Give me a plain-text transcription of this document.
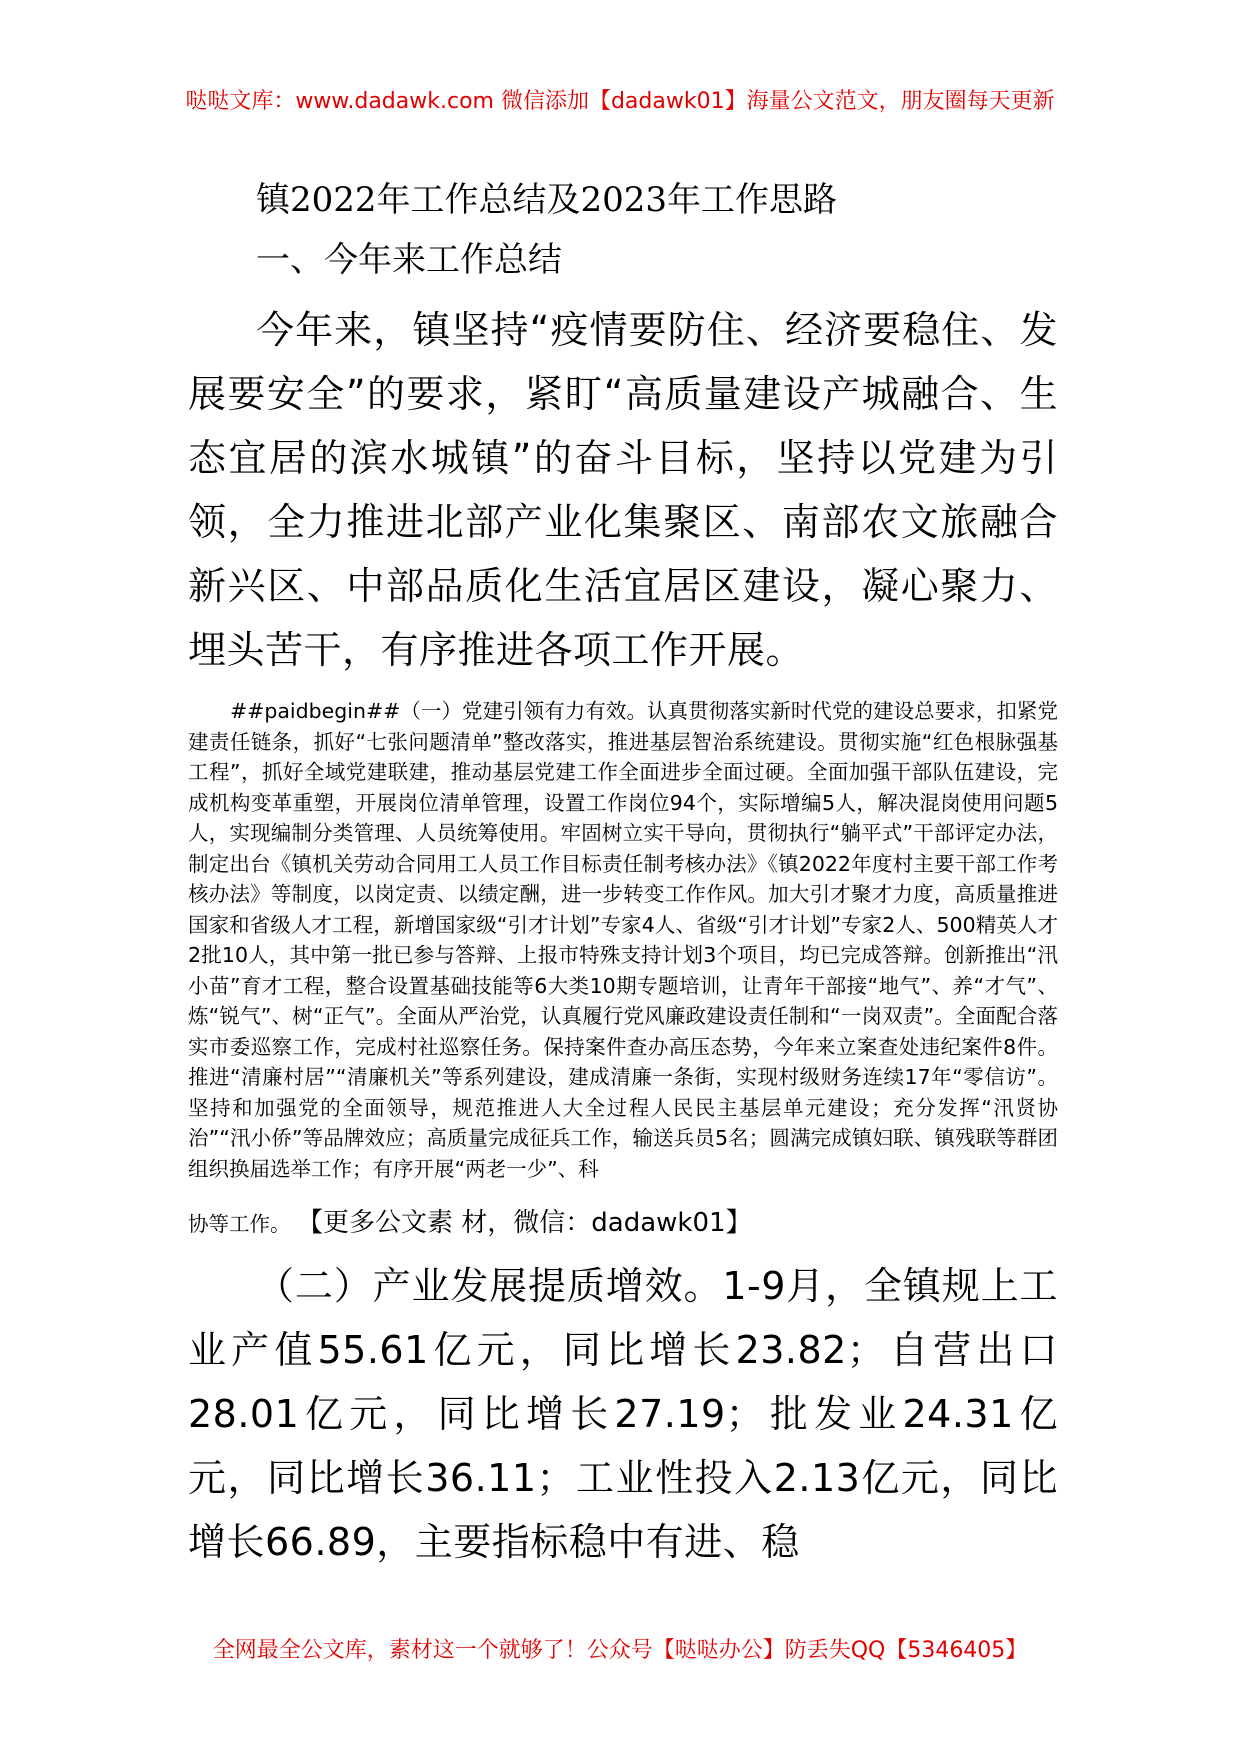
哒哒文库：www.dadawk.com 微信添加【dadawk01】海量公文范文，朋友圈每天更新
镇2022年工作总结及2023年工作思路
一、今年来工作总结

今年来，镇坚持“疫情要防住、经济要稳住、发展要安全”的要求，紧盯“高质量建设产城融合、生态宜居的滨水城镇”的奋斗目标，坚持以党建为引领，全力推进北部产业化集聚区、南部农文旅融合新兴区、中部品质化生活宜居区建设，凝心聚力、埋头苦干，有序推进各项工作开展。

##paidbegin##（一）党建引领有力有效。认真贯彻落实新时代党的建设总要求，扣紧党建责任链条，抓好“七张问题清单”整改落实，推进基层智治系统建设。贯彻实施“红色根脉强基工程”，抓好全域党建联建，推动基层党建工作全面进步全面过硬。全面加强干部队伍建设，完成机构变革重塑，开展岗位清单管理，设置工作岗位94个，实际增编5人，解决混岗使用问题5人，实现编制分类管理、人员统筹使用。牢固树立实干导向，贯彻执行“躺平式”干部评定办法，制定出台《镇机关劳动合同用工人员工作目标责任制考核办法》《镇2022年度村主要干部工作考核办法》等制度，以岗定责、以绩定酬，进一步转变工作作风。加大引才聚才力度，高质量推进国家和省级人才工程，新增国家级“引才计划”专家4人、省级“引才计划”专家2人、500精英人才2批10人，其中第一批已参与答辩、上报市特殊支持计划3个项目，均已完成答辩。创新推出“汛小苗”育才工程，整合设置基础技能等6大类10期专题培训，让青年干部接“地气”、养“才气”、炼“锐气”、树“正气”。全面从严治党，认真履行党风廉政建设责任制和“一岗双责”。全面配合落实市委巡察工作，完成村社巡察任务。保持案件查办高压态势，今年来立案查处违纪案件8件。推进“清廉村居”“清廉机关”等系列建设，建成清廉一条街，实现村级财务连续17年“零信访”。 坚持和加强党的全面领导，规范推进人大全过程人民民主基层单元建设；充分发挥“汛贤协治”“汛小侨”等品牌效应；高质量完成征兵工作，输送兵员5名；圆满完成镇妇联、镇残联等群团组织换届选举工作；有序开展“两老一少”、科

协等工作。 【更多公文素 材，微信：dadawk01】

（二）产业发展提质增效。1-9月，全镇规上工业产值55.61亿元，同比增长23.82；自营出口28.01亿元，同比增长27.19；批发业24.31亿元，同比增长36.11；工业性投入2.13亿元，同比增长66.89，主要指标稳中有进、稳

全网最全公文库，素材这一个就够了！公众号【哒哒办公】防丢失QQ【5346405】
